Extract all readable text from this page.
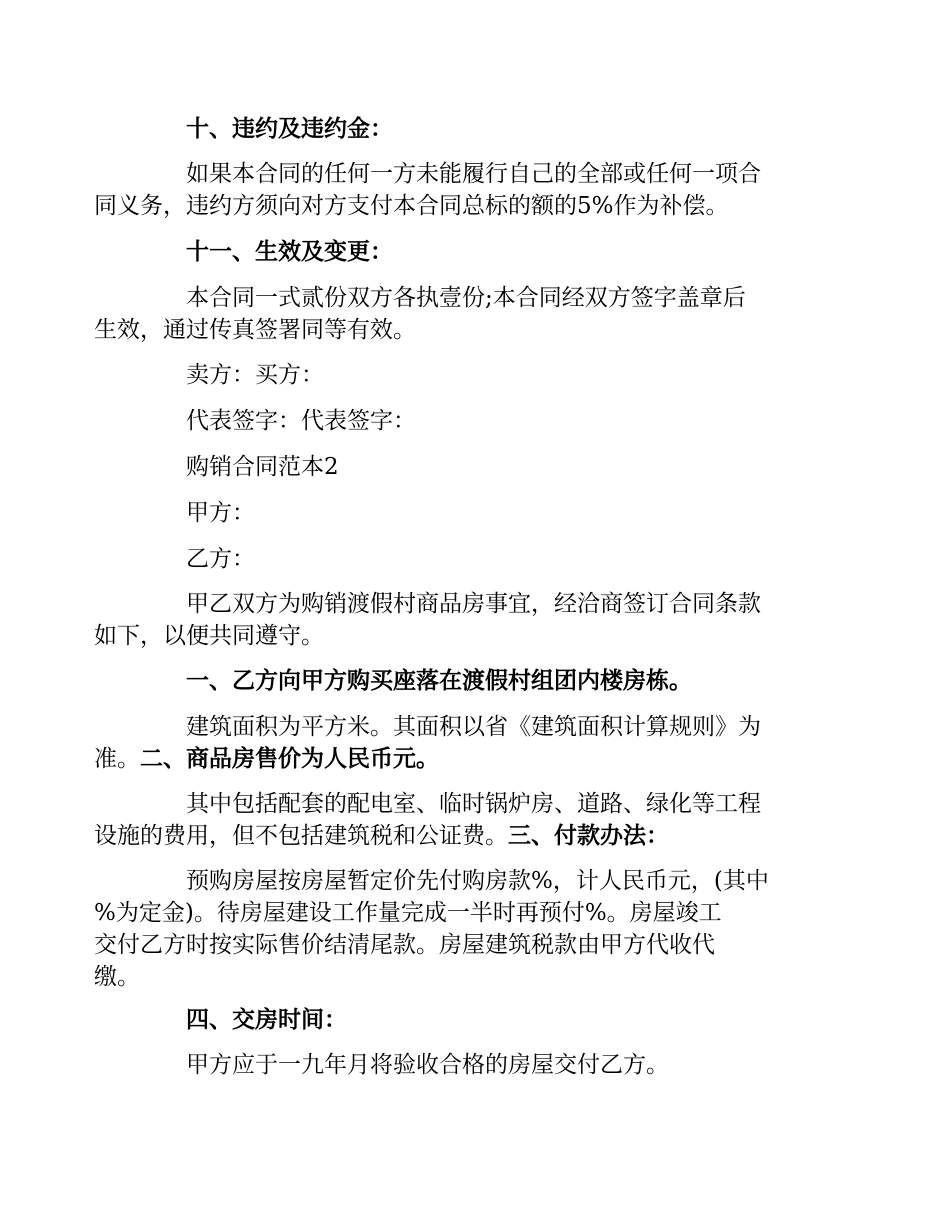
十、违约及违约金：

如果本合同的任何一方未能履行自己的全部或任何一项合
同义务，违约方须向对方支付本合同总标的额的5%作为补偿。

十一、生效及变更：

本合同一式贰份双方各执壹份;本合同经双方签字盖章后
生效，通过传真签署同等有效。

卖方：买方：

代表签字：代表签字：

购销合同范本2

甲方：

乙方：

甲乙双方为购销渡假村商品房事宜，经洽商签订合同条款
如下，以便共同遵守。

一、乙方向甲方购买座落在渡假村组团内楼房栋。

建筑面积为平方米。其面积以省《建筑面积计算规则》为
准。二、商品房售价为人民币元。

其中包括配套的配电室、临时锅炉房、道路、绿化等工程
设施的费用，但不包括建筑税和公证费。三、付款办法：

预购房屋按房屋暂定价先付购房款%，计人民币元，(其中
%为定金)。待房屋建设工作量完成一半时再预付%。房屋竣工
交付乙方时按实际售价结清尾款。房屋建筑税款由甲方代收代
缴。

四、交房时间：

甲方应于一九年月将验收合格的房屋交付乙方。
